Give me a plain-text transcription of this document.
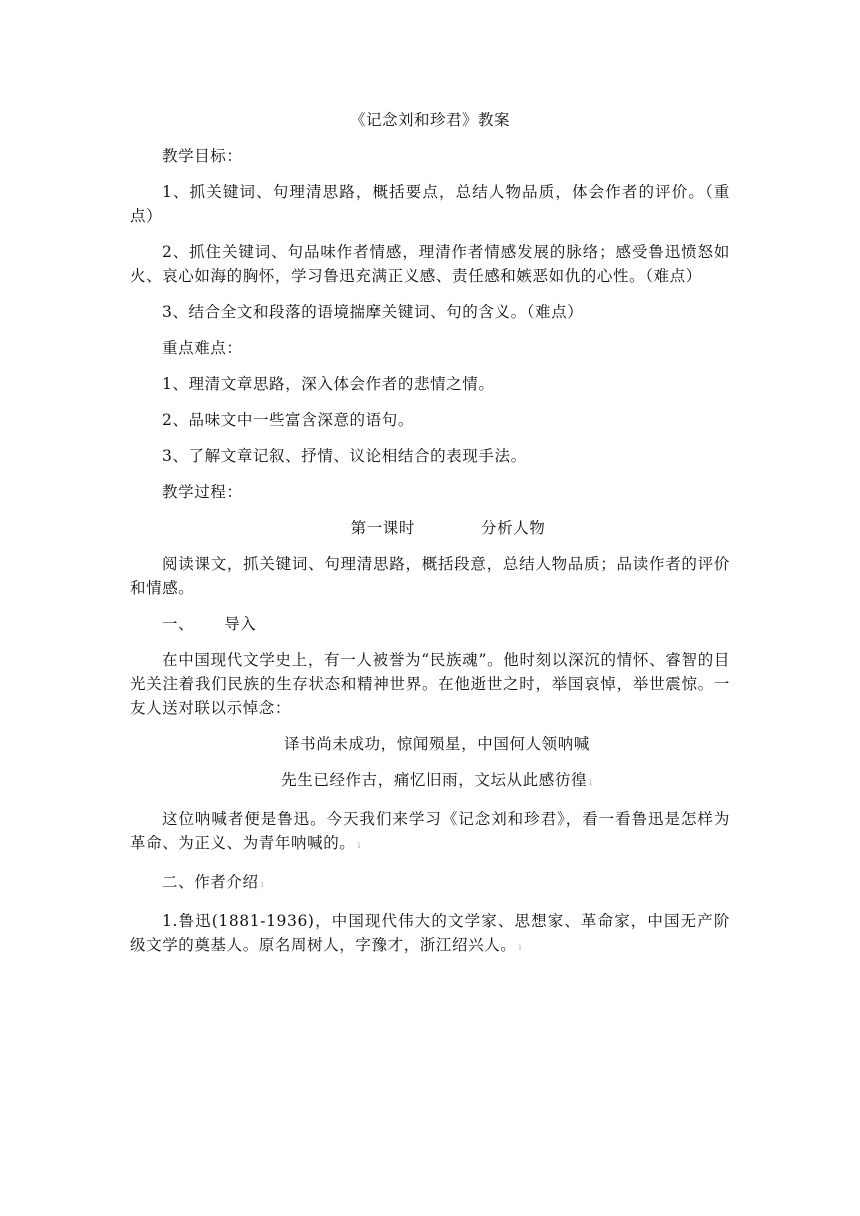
《记念刘和珍君》教案

教学目标：

1、抓关键词、句理清思路，概括要点，总结人物品质，体会作者的评价。（重点）

2、抓住关键词、句品味作者情感，理清作者情感发展的脉络；感受鲁迅愤怒如火、哀心如海的胸怀，学习鲁迅充满正义感、责任感和嫉恶如仇的心性。（难点）

3、结合全文和段落的语境揣摩关键词、句的含义。（难点）

重点难点：

1、理清文章思路，深入体会作者的悲情之情。

2、品味文中一些富含深意的语句。

3、了解文章记叙、抒情、议论相结合的表现手法。

教学过程：

第一课时	分析人物

阅读课文，抓关键词、句理清思路，概括段意，总结人物品质；品读作者的评价和情感。

一、 导入

在中国现代文学史上，有一人被誉为“民族魂”。他时刻以深沉的情怀、睿智的目光关注着我们民族的生存状态和精神世界。在他逝世之时，举国哀悼，举世震惊。一友人送对联以示悼念：

译书尚未成功，惊闻殒星，中国何人领呐喊

先生已经作古，痛忆旧雨，文坛从此感彷徨 ı

这位呐喊者便是鲁迅。今天我们来学习《记念刘和珍君》，看一看鲁迅是怎样为革命、为正义、为青年呐喊的。 ı

二、作者介绍 ı

1.鲁迅(1881-1936)，中国现代伟大的文学家、思想家、革命家，中国无产阶级文学的奠基人。原名周树人，字豫才，浙江绍兴人。 ı
